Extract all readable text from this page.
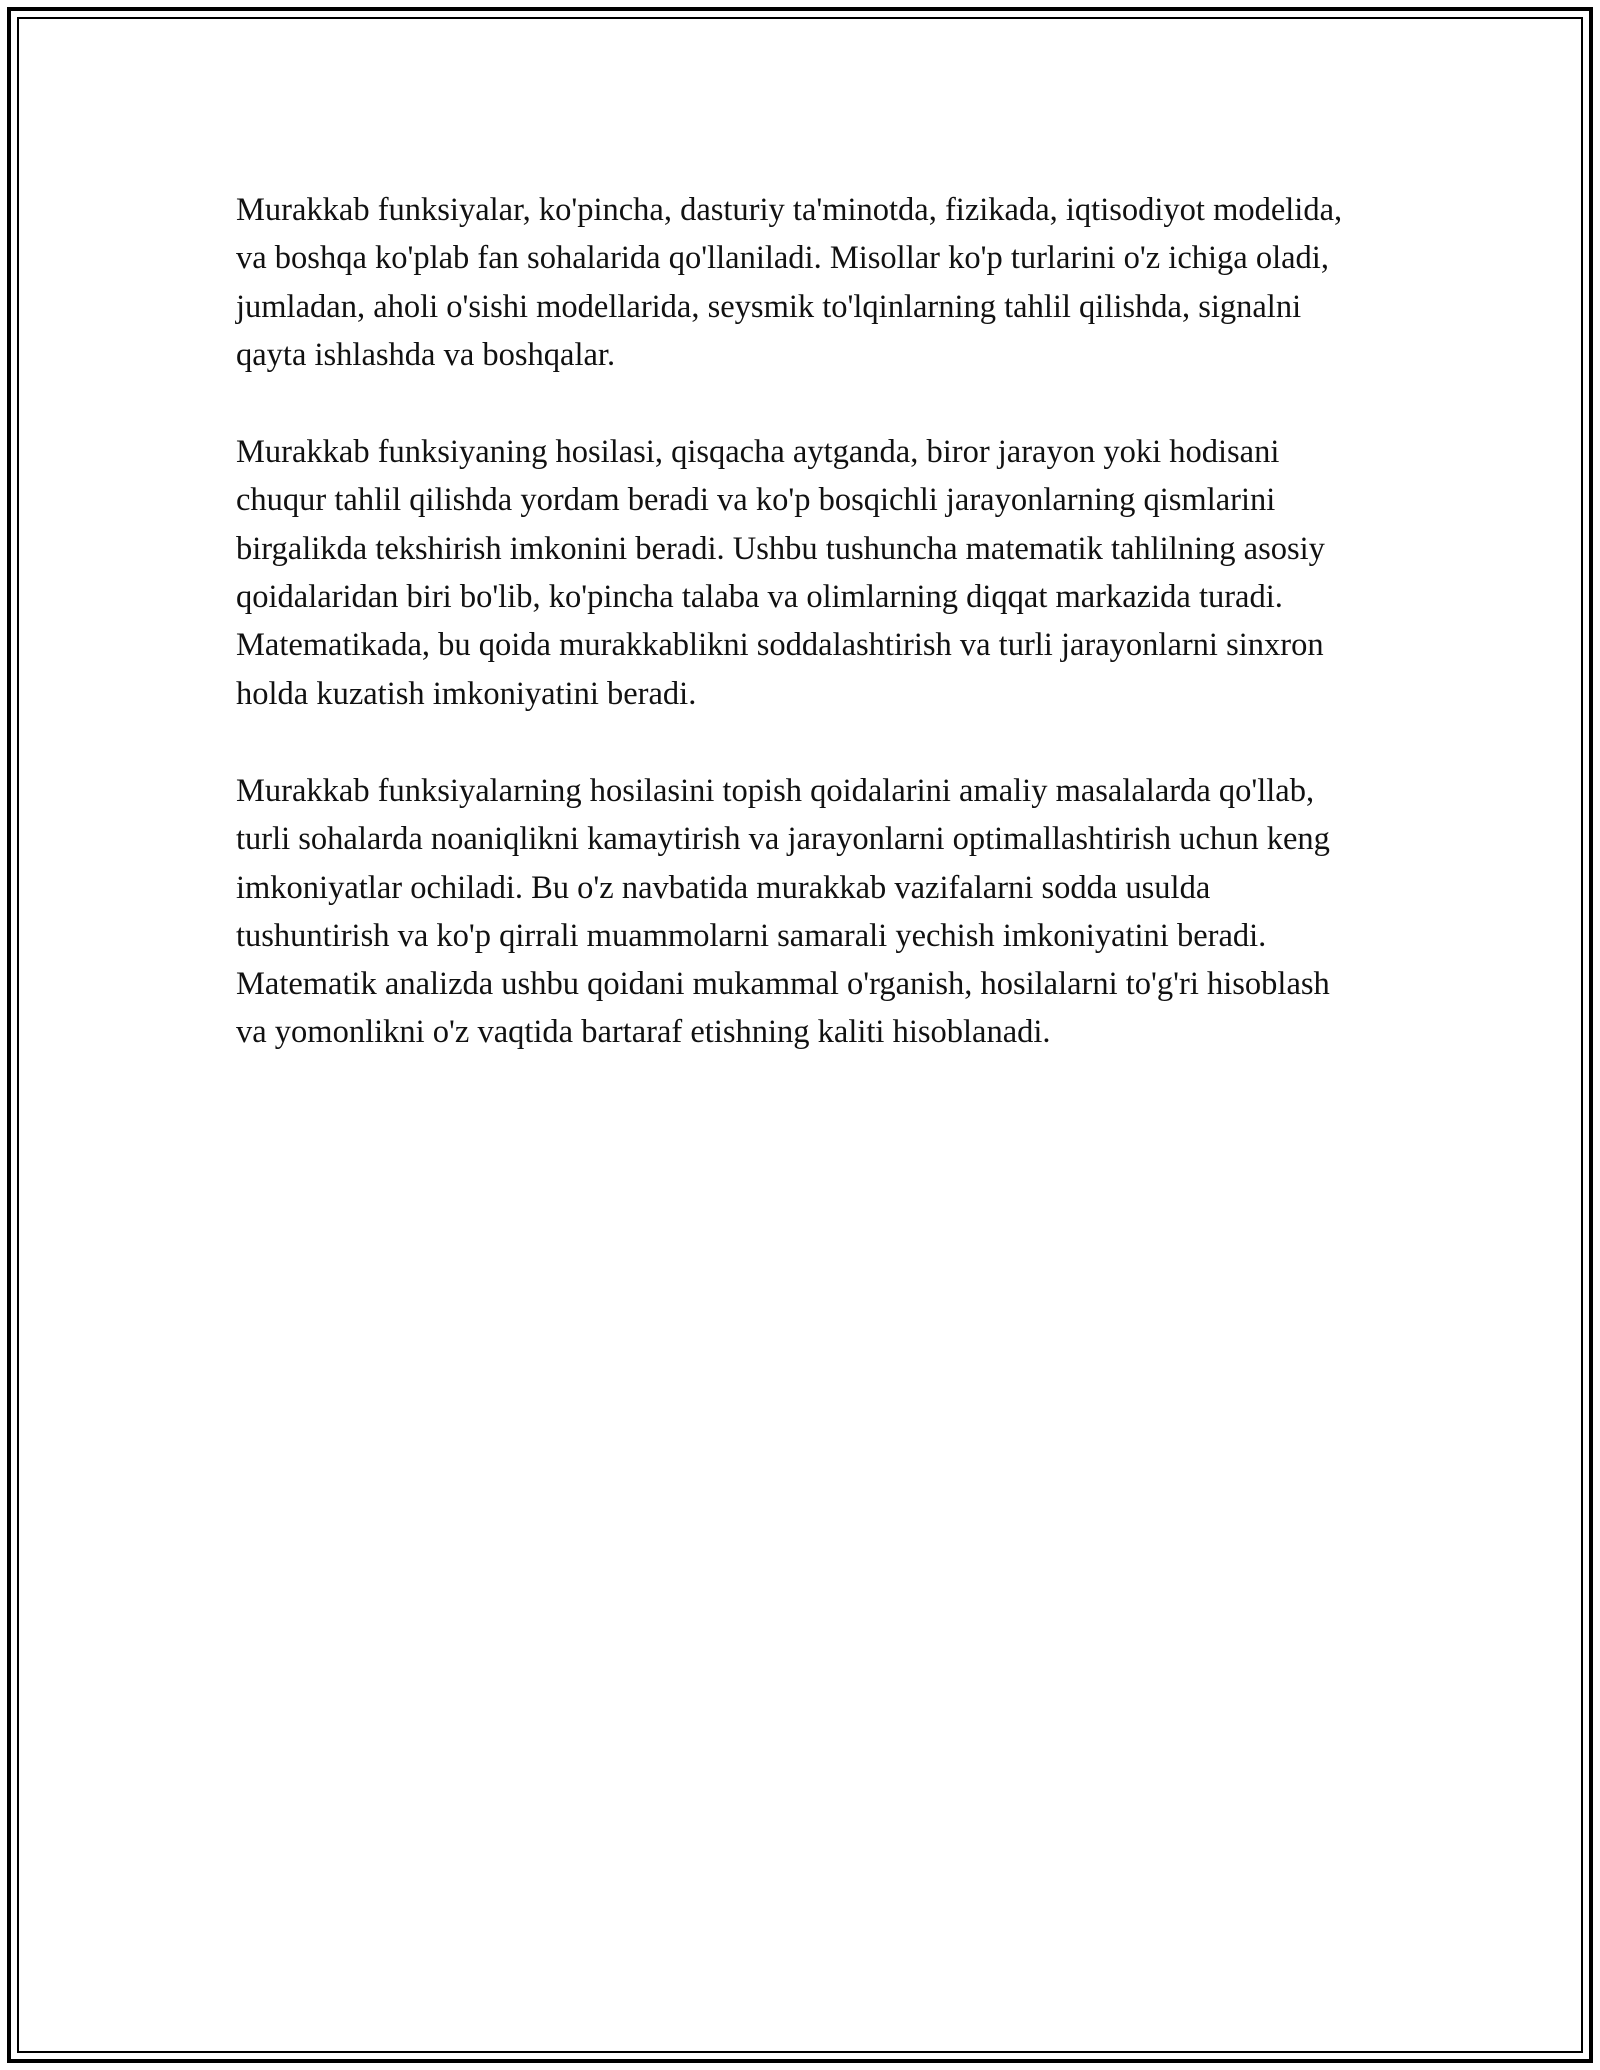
Murakkab funksiyalar, ko'pincha, dasturiy ta'minotda, fizikada, iqtisodiyot modelida, va boshqa ko'plab fan sohalarida qo'llaniladi. Misollar ko'p turlarini o'z ichiga oladi, jumladan, aholi o'sishi modellarida, seysmik to'lqinlarning tahlil qilishda, signalni qayta ishlashda va boshqalar.

Murakkab funksiyaning hosilasi, qisqacha aytganda, biror jarayon yoki hodisani chuqur tahlil qilishda yordam beradi va ko'p bosqichli jarayonlarning qismlarini birgalikda tekshirish imkonini beradi. Ushbu tushuncha matematik tahlilning asosiy qoidalaridan biri bo'lib, ko'pincha talaba va olimlarning diqqat markazida turadi. Matematikada, bu qoida murakkablikni soddalashtirish va turli jarayonlarni sinxron holda kuzatish imkoniyatini beradi.

Murakkab funksiyalarning hosilasini topish qoidalarini amaliy masalalarda qo'llab, turli sohalarda noaniqlikni kamaytirish va jarayonlarni optimallashtirish uchun keng imkoniyatlar ochiladi. Bu o'z navbatida murakkab vazifalarni sodda usulda tushuntirish va ko'p qirrali muammolarni samarali yechish imkoniyatini beradi. Matematik analizda ushbu qoidani mukammal o'rganish, hosilalarni to'g'ri hisoblash va yomonlikni o'z vaqtida bartaraf etishning kaliti hisoblanadi.
